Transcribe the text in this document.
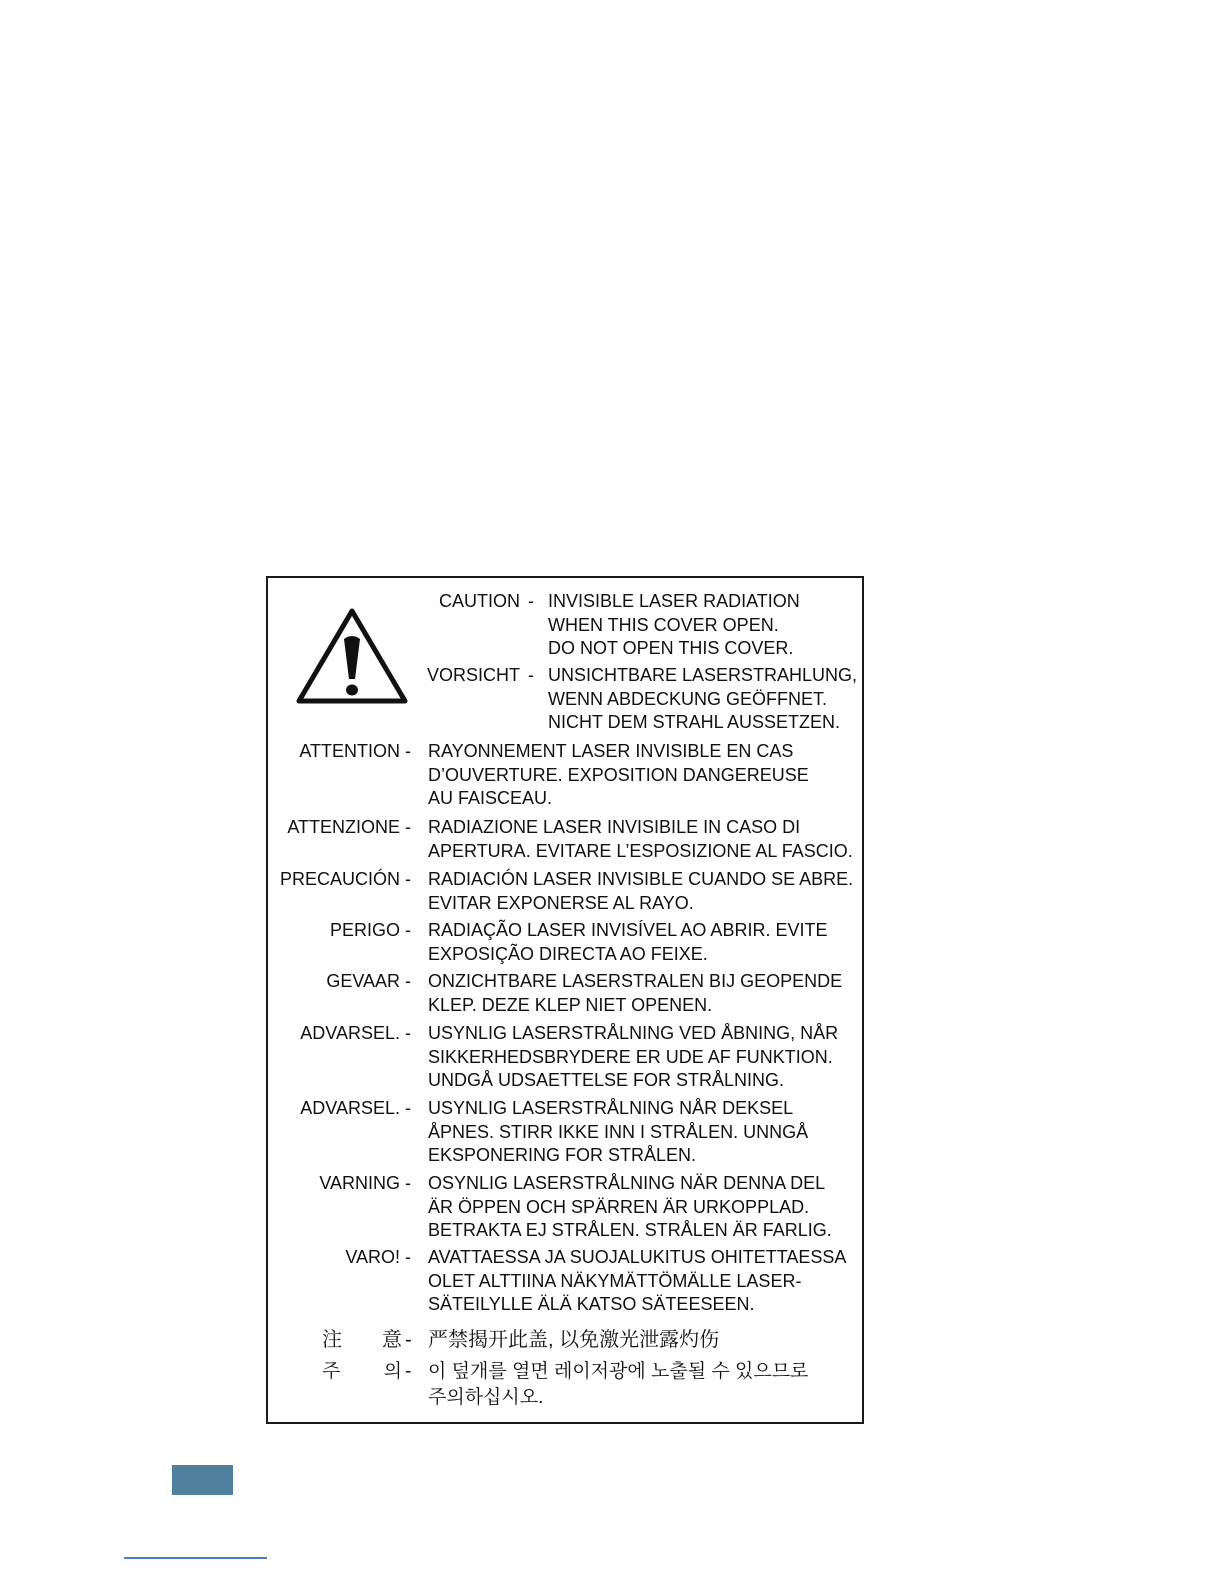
CAUTION - INVISIBLE LASER RADIATION
WHEN THIS COVER OPEN.
DO NOT OPEN THIS COVER.
VORSICHT - UNSICHTBARE LASERSTRAHLUNG,
WENN ABDECKUNG GEÖFFNET.
NICHT DEM STRAHL AUSSETZEN.
ATTENTION - RAYONNEMENT LASER INVISIBLE EN CAS
D’OUVERTURE. EXPOSITION DANGEREUSE
AU FAISCEAU.
ATTENZIONE - RADIAZIONE LASER INVISIBILE IN CASO DI
APERTURA. EVITARE L’ESPOSIZIONE AL FASCIO.
PRECAUCIÓN - RADIACIÓN LASER INVISIBLE CUANDO SE ABRE.
EVITAR EXPONERSE AL RAYO.
PERIGO - RADIAÇÃO LASER INVISÍVEL AO ABRIR. EVITE
EXPOSIÇÃO DIRECTA AO FEIXE.
GEVAAR - ONZICHTBARE LASERSTRALEN BIJ GEOPENDE
KLEP. DEZE KLEP NIET OPENEN.
ADVARSEL. - USYNLIG LASERSTRÅLNING VED ÅBNING, NÅR
SIKKERHEDSBRYDERE ER UDE AF FUNKTION.
UNDGÅ UDSAETTELSE FOR STRÅLNING.
ADVARSEL. - USYNLIG LASERSTRÅLNING NÅR DEKSEL
ÅPNES. STIRR IKKE INN I STRÅLEN. UNNGÅ
EKSPONERING FOR STRÅLEN.
VARNING - OSYNLIG LASERSTRÅLNING NÄR DENNA DEL
ÄR ÖPPEN OCH SPÄRREN ÄR URKOPPLAD.
BETRAKTA EJ STRÅLEN. STRÅLEN ÄR FARLIG.
VARO! - AVATTAESSA JA SUOJALUKITUS OHITETTAESSA
OLET ALTTIINA NÄKYMÄTTÖMÄLLE LASER-
SÄTEILYLLE ÄLÄ KATSO SÄTEESEEN.
注 意 - 严禁揭开此盖, 以免激光泄露灼伤
주 의 - 이 덮개를 열면 레이저광에 노출될 수 있으므로
주의하십시오.
